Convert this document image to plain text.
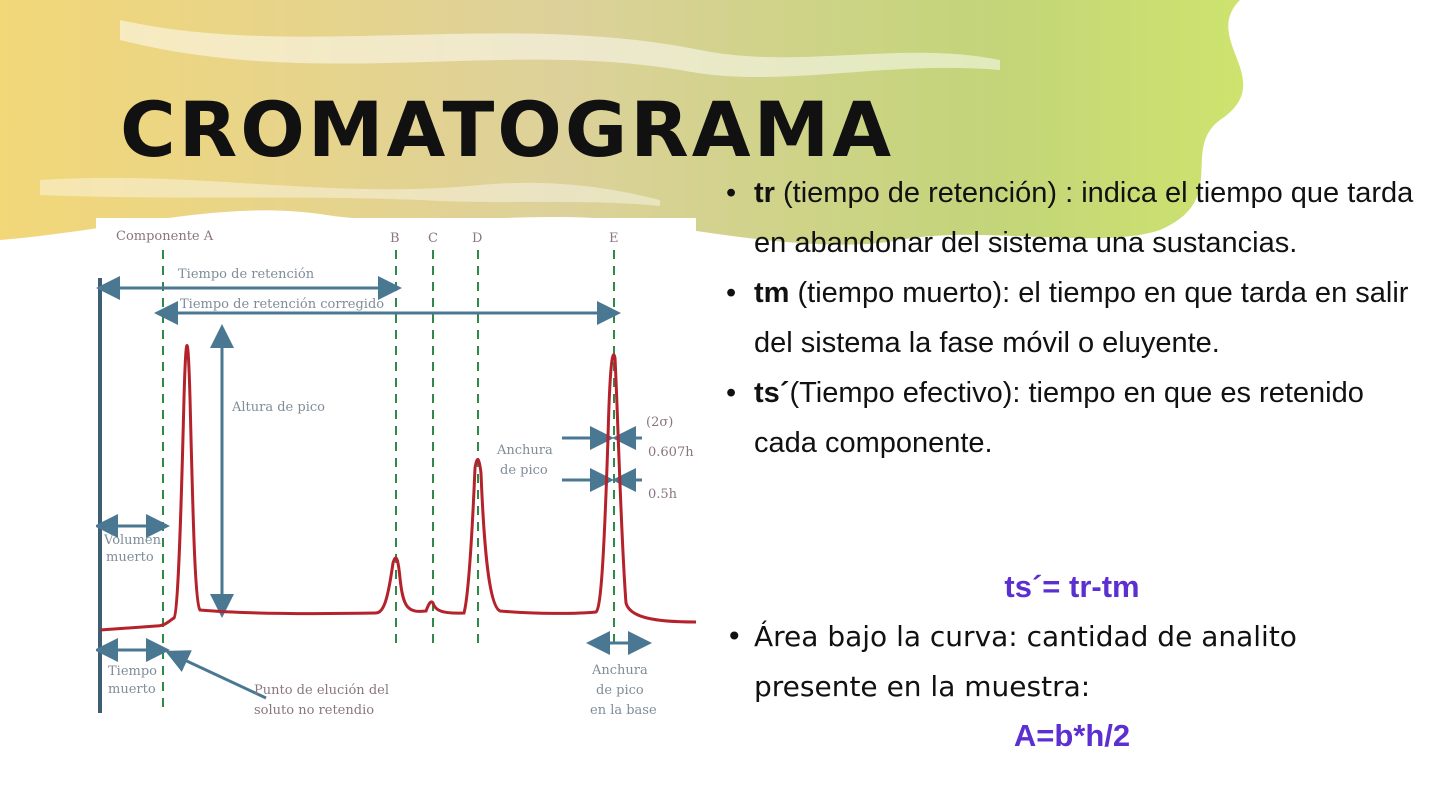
CROMATOGRAMA
Componente A	B C	D	E
Tiempo de retención
Tiempo de retención corregido
Altura de pico
(2σ)
Anchura
de pico
0.607h
0.5h
Volumen
muerto
Tiempo
muerto	Punto de elución del
soluto no retendio
Anchura
de pico
en la base
• tr (tiempo de retención) : indica el tiempo que tarda en abandonar del sistema una sustancias.
• tm (tiempo muerto): el tiempo en que tarda en salir del sistema la fase móvil o eluyente.
• ts´(Tiempo efectivo): tiempo en que es retenido cada componente.
ts´= tr-tm
• Área bajo la curva: cantidad de analito presente en la muestra:
A=b*h/2
